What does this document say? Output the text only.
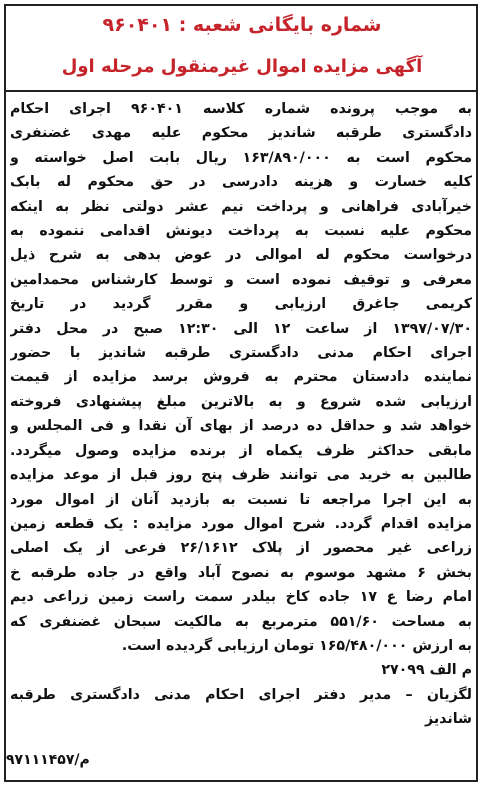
شماره بایگانی شعبه : ۹۶۰۴۰۱
آگهی مزایده اموال غیرمنقول مرحله اول
به موجب پرونده شماره کلاسه ۹۶۰۴۰۱ اجرای احکام
دادگستری طرقبه شاندیز محکوم علیه مهدی غضنفری
محکوم است به ۱۶۳/۸۹۰/۰۰۰ ریال بابت اصل خواسته و
کلیه خسارت و هزینه دادرسی در حق محکوم له بابک
خیرآبادی فراهانی و پرداخت نیم عشر دولتی نظر به اینکه
محکوم علیه نسبت به پرداخت دیونش اقدامی ننموده به
درخواست محکوم له اموالی در عوض بدهی به شرح ذیل
معرفی و توقیف نموده است و توسط کارشناس محمدامین
کریمی جاغرق ارزیابی و مقرر گردید در تاریخ
۱۳۹۷/۰۷/۳۰ از ساعت ۱۲ الی ۱۲:۳۰ صبح در محل دفتر
اجرای احکام مدنی دادگستری طرقبه شاندیز با حضور
نماینده دادستان محترم به فروش برسد مزایده از قیمت
ارزیابی شده شروع و به بالاترین مبلغ پیشنهادی فروخته
خواهد شد و حداقل ده درصد از بهای آن نقدا و فی المجلس و
مابقی حداکثر ظرف یکماه از برنده مزایده وصول میگردد.
طالبین به خرید می توانند ظرف پنج روز قبل از موعد مزایده
به این اجرا مراجعه تا نسبت به بازدید آنان از اموال مورد
مزایده اقدام گردد. شرح اموال مورد مزایده : یک قطعه زمین
زراعی غیر محصور از پلاک ۲۶/۱۶۱۲ فرعی از یک اصلی
بخش ۶ مشهد موسوم به نصوح آباد واقع در جاده طرقبه خ
امام رضا ع ۱۷ جاده کاخ بیلدر سمت راست زمین زراعی دیم
به مساحت ۵۵۱/۶۰ مترمربع به مالکیت سبحان غضنفری که
به ارزش ۱۶۵/۴۸۰/۰۰۰ تومان ارزیابی گردیده است.
م الف ۲۷۰۹۹
لگزیان – مدیر دفتر اجرای احکام مدنی دادگستری طرقبه
شاندیز
م/۹۷۱۱۱۴۵۷
